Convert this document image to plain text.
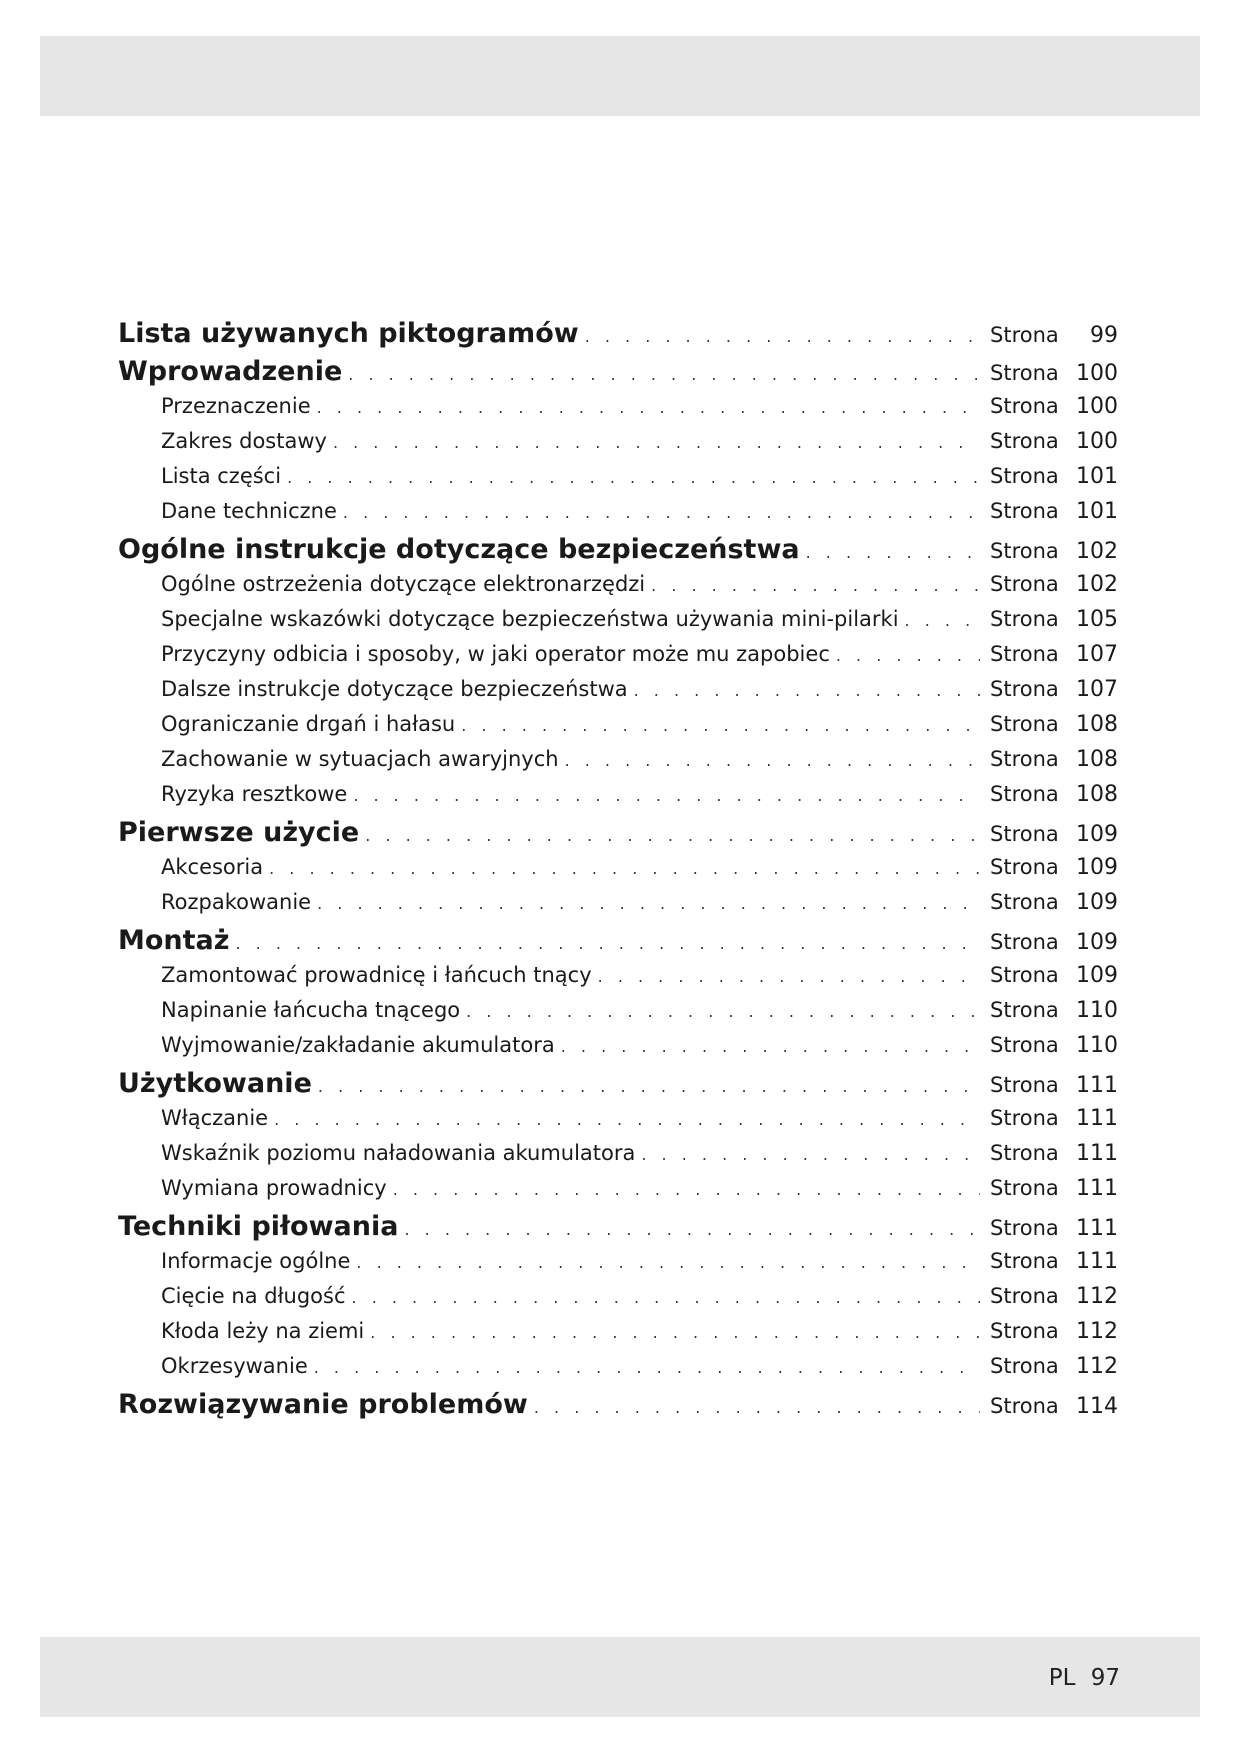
Lista używanych piktogramów . . .	Strona	99
Wprowadzenie . . .	Strona 100
Przeznaczenie . . .	Strona 100
Zakres dostawy . . .	Strona 100
Lista części . . .	Strona 101
Dane techniczne . . .	Strona 101
Ogólne instrukcje dotyczące bezpieczeństwa . . .	Strona 102
Ogólne ostrzeżenia dotyczące elektronarzędzi . . .	Strona 102
Specjalne wskazówki dotyczące bezpieczeństwa używania mini-pilarki . . .	Strona 105
Przyczyny odbicia i sposoby, w jaki operator może mu zapobiec . . .	Strona 107
Dalsze instrukcje dotyczące bezpieczeństwa . . .	Strona 107
Ograniczanie drgań i hałasu . . .	Strona 108
Zachowanie w sytuacjach awaryjnych . . .	Strona 108
Ryzyka resztkowe . . .	Strona 108
Pierwsze użycie . . .	Strona 109
Akcesoria . . .	Strona 109
Rozpakowanie . . .	Strona 109
Montaż . . .	Strona 109
Zamontować prowadnicę i łańcuch tnący . . .	Strona 109
Napinanie łańcucha tnącego . . .	Strona 110
Wyjmowanie/zakładanie akumulatora . . .	Strona 110
Użytkowanie . . .	Strona 111
Włączanie . . .	Strona 111
Wskaźnik poziomu naładowania akumulatora . . .	Strona 111
Wymiana prowadnicy . . .	Strona 111
Techniki piłowania . . .	Strona 111
Informacje ogólne . . .	Strona 111
Cięcie na długość . . .	Strona 112
Kłoda leży na ziemi . . .	Strona 112
Okrzesywanie . . .	Strona 112
Rozwiązywanie problemów . . .	Strona 114
PL 97
